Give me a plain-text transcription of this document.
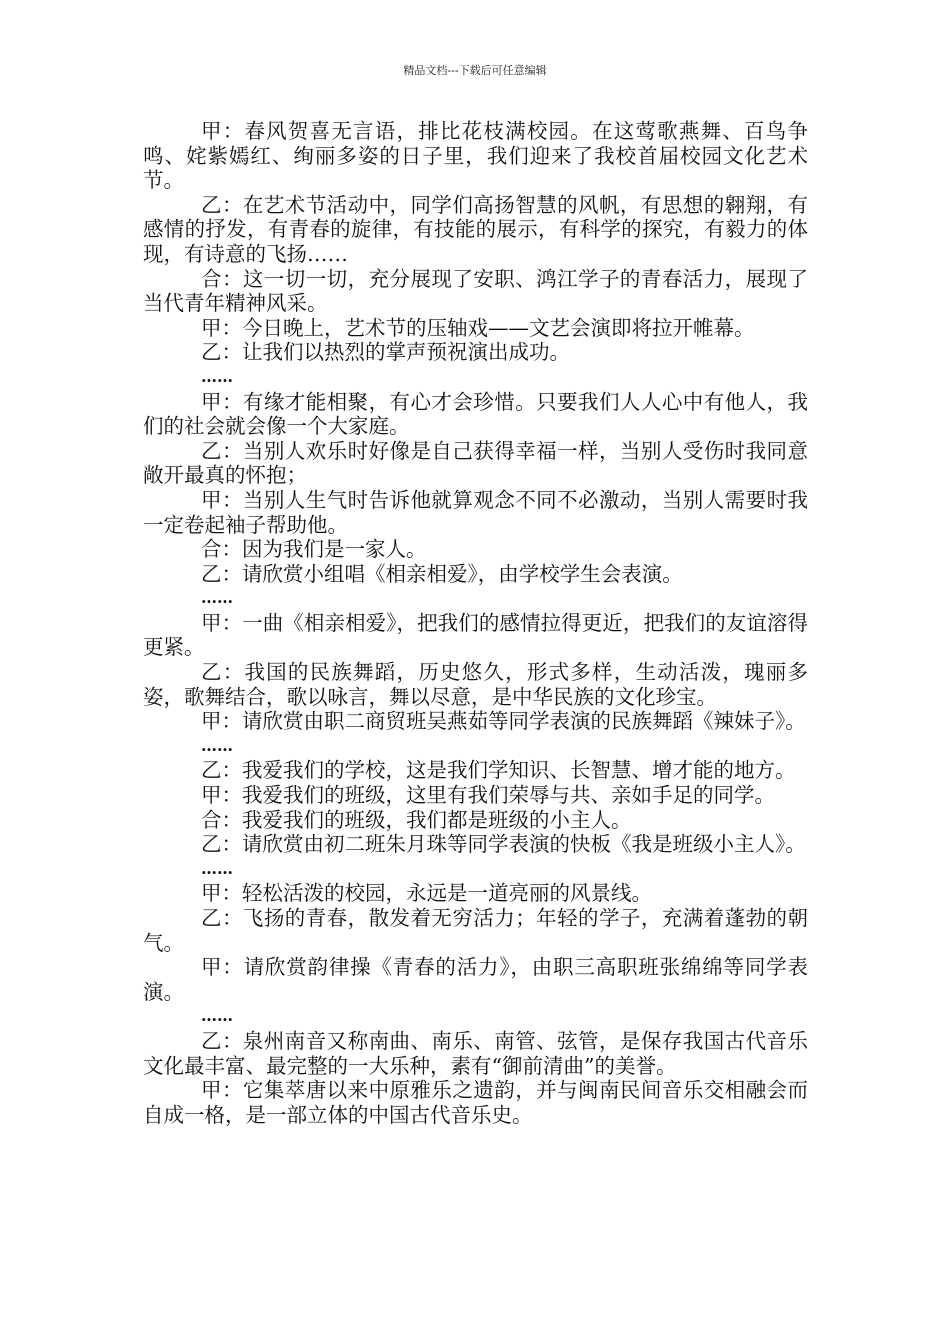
精品文档---下载后可任意编辑

甲：春风贺喜无言语，排比花枝满校园。在这莺歌燕舞、百鸟争鸣、姹紫嫣红、绚丽多姿的日子里，我们迎来了我校首届校园文化艺术节。

乙：在艺术节活动中，同学们高扬智慧的风帆，有思想的翱翔，有感情的抒发，有青春的旋律，有技能的展示，有科学的探究，有毅力的体现，有诗意的飞扬……

合：这一切一切，充分展现了安职、鸿江学子的青春活力，展现了当代青年精神风采。

甲：今日晚上，艺术节的压轴戏——文艺会演即将拉开帷幕。

乙：让我们以热烈的掌声预祝演出成功。

……

甲：有缘才能相聚，有心才会珍惜。只要我们人人心中有他人，我们的社会就会像一个大家庭。

乙：当别人欢乐时好像是自己获得幸福一样，当别人受伤时我同意敞开最真的怀抱；

甲：当别人生气时告诉他就算观念不同不必激动，当别人需要时我一定卷起袖子帮助他。

合：因为我们是一家人。

乙：请欣赏小组唱《相亲相爱》，由学校学生会表演。

……

甲：一曲《相亲相爱》，把我们的感情拉得更近，把我们的友谊溶得更紧。

乙：我国的民族舞蹈，历史悠久，形式多样，生动活泼，瑰丽多姿，歌舞结合，歌以咏言，舞以尽意，是中华民族的文化珍宝。

甲：请欣赏由职二商贸班吴燕茹等同学表演的民族舞蹈《辣妹子》。

……

乙：我爱我们的学校，这是我们学知识、长智慧、增才能的地方。

甲：我爱我们的班级，这里有我们荣辱与共、亲如手足的同学。

合：我爱我们的班级，我们都是班级的小主人。

乙：请欣赏由初二班朱月珠等同学表演的快板《我是班级小主人》。

……

甲：轻松活泼的校园，永远是一道亮丽的风景线。

乙：飞扬的青春，散发着无穷活力；年轻的学子，充满着蓬勃的朝气。

甲：请欣赏韵律操《青春的活力》，由职三高职班张绵绵等同学表演。

……

乙：泉州南音又称南曲、南乐、南管、弦管，是保存我国古代音乐文化最丰富、最完整的一大乐种，素有“御前清曲”的美誉。

甲：它集萃唐以来中原雅乐之遗韵，并与闽南民间音乐交相融会而自成一格，是一部立体的中国古代音乐史。
